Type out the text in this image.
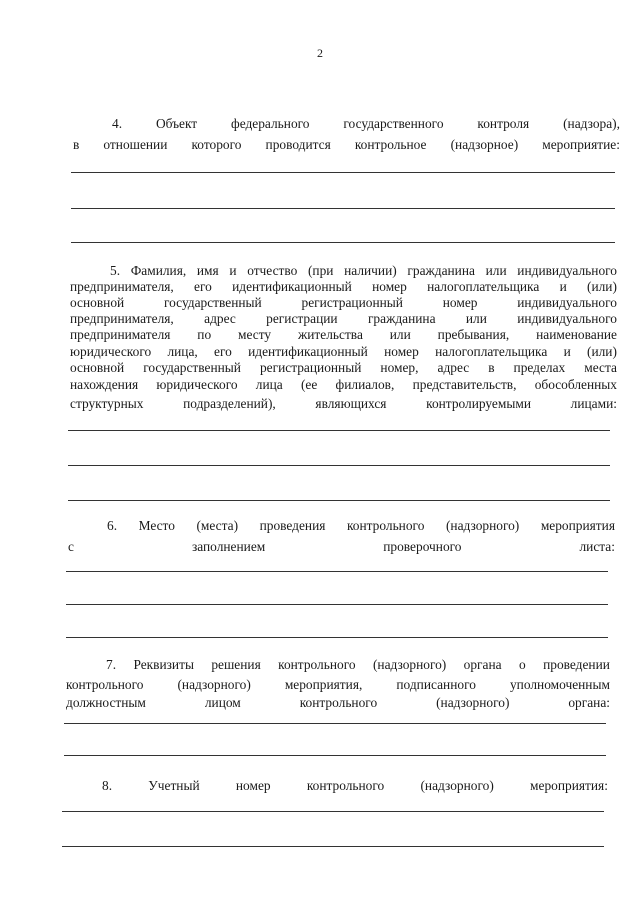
2
4.	Объект	федерального	государственного	контроля	(надзора),
в отношении которого проводится контрольное (надзорное) мероприятие:
5. Фамилия, имя и отчество (при наличии) гражданина или индивидуального
предпринимателя, его идентификационный номер налогоплательщика и (или)
основной	государственный	регистрационный	номер	индивидуального
предпринимателя, адрес регистрации гражданина или индивидуального
предпринимателя по месту жительства или пребывания, наименование
юридического лица, его идентификационный номер налогоплательщика и (или)
основной государственный регистрационный номер, адрес в пределах места
нахождения юридического лица (ее филиалов, представительств, обособленных
структурных	подразделений),	являющихся	контролируемыми	лицами:
6. Место (места) проведения контрольного (надзорного) мероприятия
с	заполнением	проверочного	листа:
7. Реквизиты решения контрольного (надзорного) органа о проведении
контрольного	(надзорного)	мероприятия,	подписанного	уполномоченным
должностным	лицом	контрольного	(надзорного)	органа:
8.	Учетный	номер	контрольного	(надзорного)	мероприятия:
